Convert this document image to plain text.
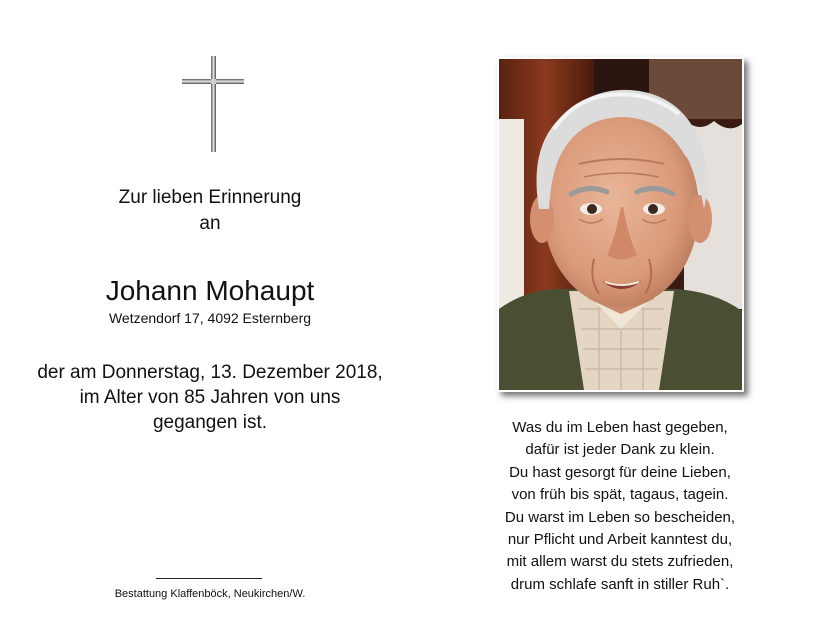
Zur lieben Erinnerung
an
Johann Mohaupt
Wetzendorf 17, 4092 Esternberg
der am Donnerstag, 13. Dezember 2018,
im Alter von 85 Jahren von uns
gegangen ist.
Bestattung Klaffenböck, Neukirchen/W.
Was du im Leben hast gegeben,
dafür ist jeder Dank zu klein.
Du hast gesorgt für deine Lieben,
von früh bis spät, tagaus, tagein.
Du warst im Leben so bescheiden,
nur Pflicht und Arbeit kanntest du,
mit allem warst du stets zufrieden,
drum schlafe sanft in stiller Ruh`.
